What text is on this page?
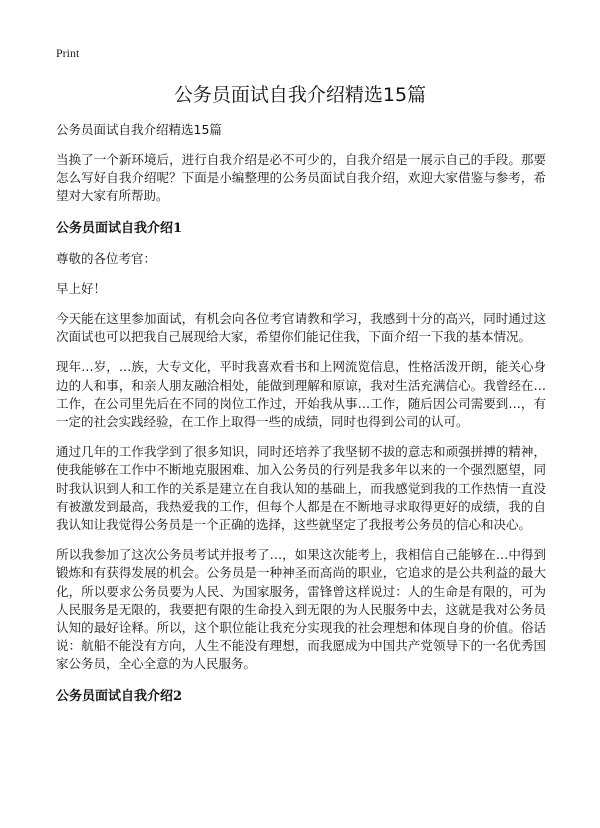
Print
公务员面试自我介绍精选15篇

公务员面试自我介绍精选15篇

当换了一个新环境后，进行自我介绍是必不可少的，自我介绍是一展示自己的手段。那要怎么写好自我介绍呢？下面是小编整理的公务员面试自我介绍，欢迎大家借鉴与参考，希望对大家有所帮助。

公务员面试自我介绍1

尊敬的各位考官：

早上好！

今天能在这里参加面试，有机会向各位考官请教和学习，我感到十分的高兴，同时通过这次面试也可以把我自己展现给大家，希望你们能记住我，下面介绍一下我的基本情况。

现年…岁，…族，大专文化，平时我喜欢看书和上网流览信息，性格活泼开朗，能关心身边的人和事，和亲人朋友融洽相处，能做到理解和原谅，我对生活充满信心。我曾经在…工作，在公司里先后在不同的岗位工作过，开始我从事…工作，随后因公司需要到…，有一定的社会实践经验，在工作上取得一些的成绩，同时也得到公司的认可。

通过几年的工作我学到了很多知识，同时还培养了我坚韧不拔的意志和顽强拼搏的精神，使我能够在工作中不断地克服困难、加入公务员的行列是我多年以来的一个强烈愿望，同时我认识到人和工作的关系是建立在自我认知的基础上，而我感觉到我的工作热情一直没有被激发到最高，我热爱我的工作，但每个人都是在不断地寻求取得更好的成绩，我的自我认知让我觉得公务员是一个正确的选择，这些就坚定了我报考公务员的信心和决心。

所以我参加了这次公务员考试并报考了…，如果这次能考上，我相信自己能够在…中得到锻炼和有获得发展的机会。公务员是一种神圣而高尚的职业，它追求的是公共利益的最大化，所以要求公务员要为人民、为国家服务，雷锋曾这样说过：人的生命是有限的，可为人民服务是无限的，我要把有限的生命投入到无限的为人民服务中去，这就是我对公务员认知的最好诠释。所以，这个职位能让我充分实现我的社会理想和体现自身的价值。俗话说：航船不能没有方向，人生不能没有理想，而我愿成为中国共产党领导下的一名优秀国家公务员，全心全意的为人民服务。

公务员面试自我介绍2
